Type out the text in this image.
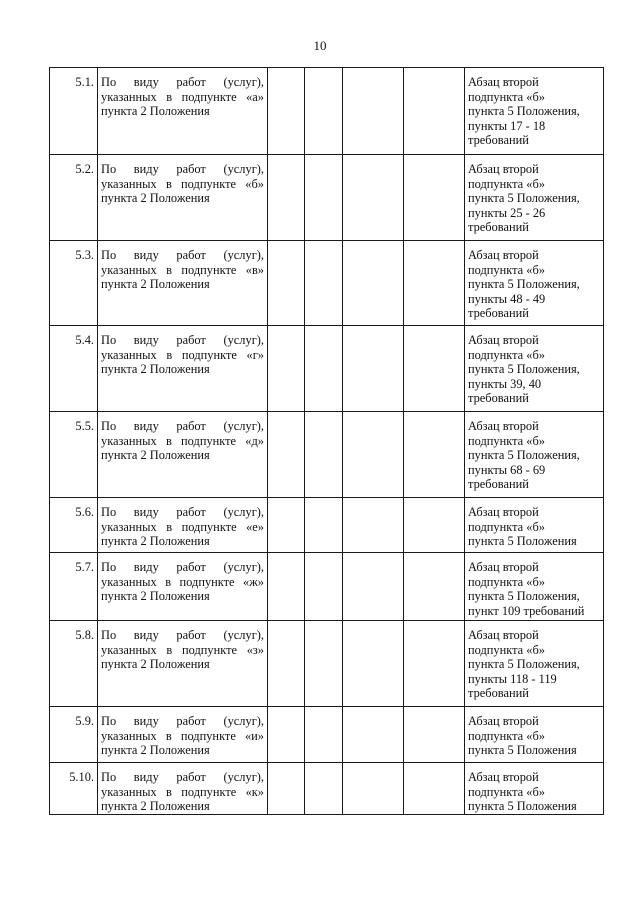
10
5.1.	По виду работ (услуг),
указанных в подпункте «а»
пункта 2 Положения					Абзац второй
подпункта «б»
пункта 5 Положения,
пункты 17 - 18
требований

5.2.	По виду работ (услуг),
указанных в подпункте «б»
пункта 2 Положения					Абзац второй
подпункта «б»
пункта 5 Положения,
пункты 25 - 26
требований

5.3.	По виду работ (услуг),
указанных в подпункте «в»
пункта 2 Положения					Абзац второй
подпункта «б»
пункта 5 Положения,
пункты 48 - 49
требований

5.4.	По виду работ (услуг),
указанных в подпункте «г»
пункта 2 Положения					Абзац второй
подпункта «б»
пункта 5 Положения,
пункты 39, 40
требований

5.5.	По виду работ (услуг),
указанных в подпункте «д»
пункта 2 Положения					Абзац второй
подпункта «б»
пункта 5 Положения,
пункты 68 - 69
требований

5.6.	По виду работ (услуг),
указанных в подпункте «е»
пункта 2 Положения					Абзац второй
подпункта «б»
пункта 5 Положения

5.7.	По виду работ (услуг),
указанных в подпункте «ж»
пункта 2 Положения					Абзац второй
подпункта «б»
пункта 5 Положения,
пункт 109 требований

5.8.	По виду работ (услуг),
указанных в подпункте «з»
пункта 2 Положения					Абзац второй
подпункта «б»
пункта 5 Положения,
пункты 118 - 119
требований

5.9.	По виду работ (услуг),
указанных в подпункте «и»
пункта 2 Положения					Абзац второй
подпункта «б»
пункта 5 Положения

5.10.	По виду работ (услуг),
указанных в подпункте «к»
пункта 2 Положения					Абзац второй
подпункта «б»
пункта 5 Положения
